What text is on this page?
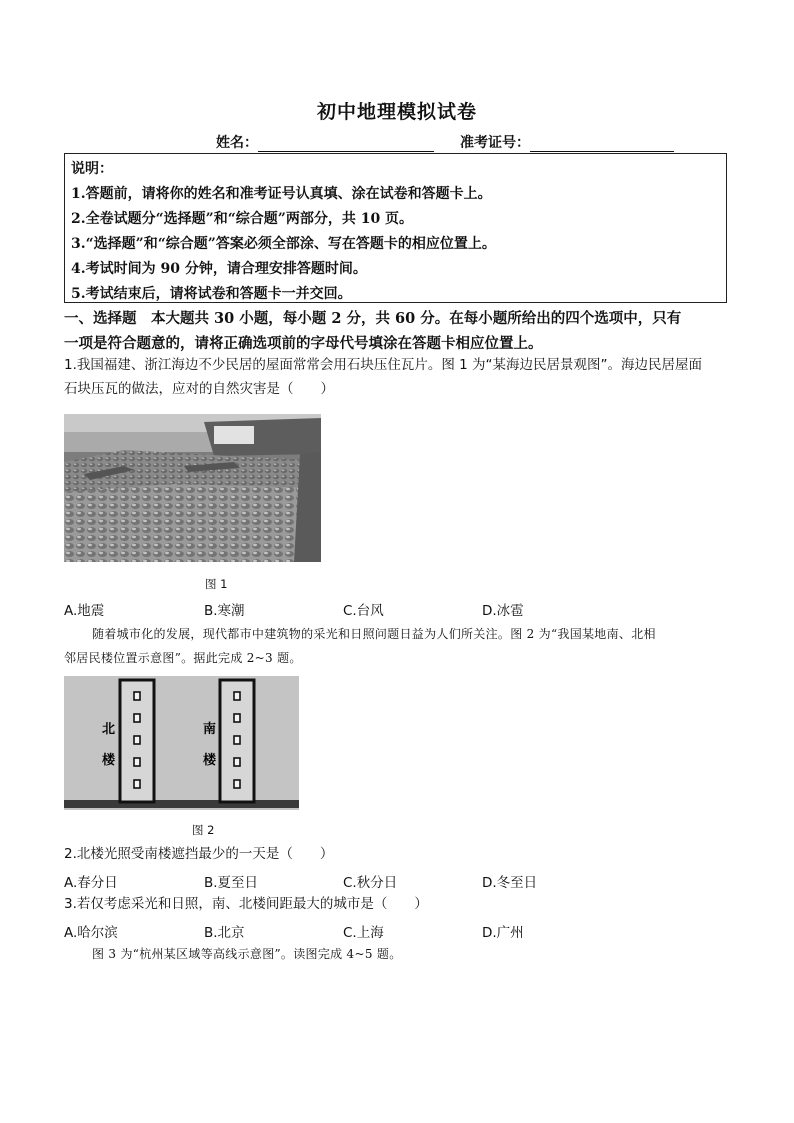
初中地理模拟试卷
姓名：	准考证号：
说明：
1.答题前，请将你的姓名和准考证号认真填、涂在试卷和答题卡上。
2.全卷试题分“选择题”和“综合题”两部分，共 10 页。
3.“选择题”和“综合题”答案必须全部涂、写在答题卡的相应位置上。
4.考试时间为 90 分钟，请合理安排答题时间。
5.考试结束后，请将试卷和答题卡一并交回。
一、选择题　本大题共 30 小题，每小题 2 分，共 60 分。在每小题所给出的四个选项中，只有
一项是符合题意的，请将正确选项前的字母代号填涂在答题卡相应位置上。
1.我国福建、浙江海边不少民居的屋面常常会用石块压住瓦片。图 1 为“某海边民居景观图”。海边民居屋面
石块压瓦的做法，应对的自然灾害是（　　）
图 1
A.地震	B.寒潮	C.台风	D.冰雹
随着城市化的发展，现代都市中建筑物的采光和日照问题日益为人们所关注。图 2 为“我国某地南、北相
邻居民楼位置示意图”。据此完成 2~3 题。
北
楼
南
楼
图 2
2.北楼光照受南楼遮挡最少的一天是（　　）
A.春分日	B.夏至日	C.秋分日	D.冬至日
3.若仅考虑采光和日照，南、北楼间距最大的城市是（　　）
A.哈尔滨	B.北京	C.上海	D.广州
图 3 为“杭州某区域等高线示意图”。读图完成 4~5 题。
